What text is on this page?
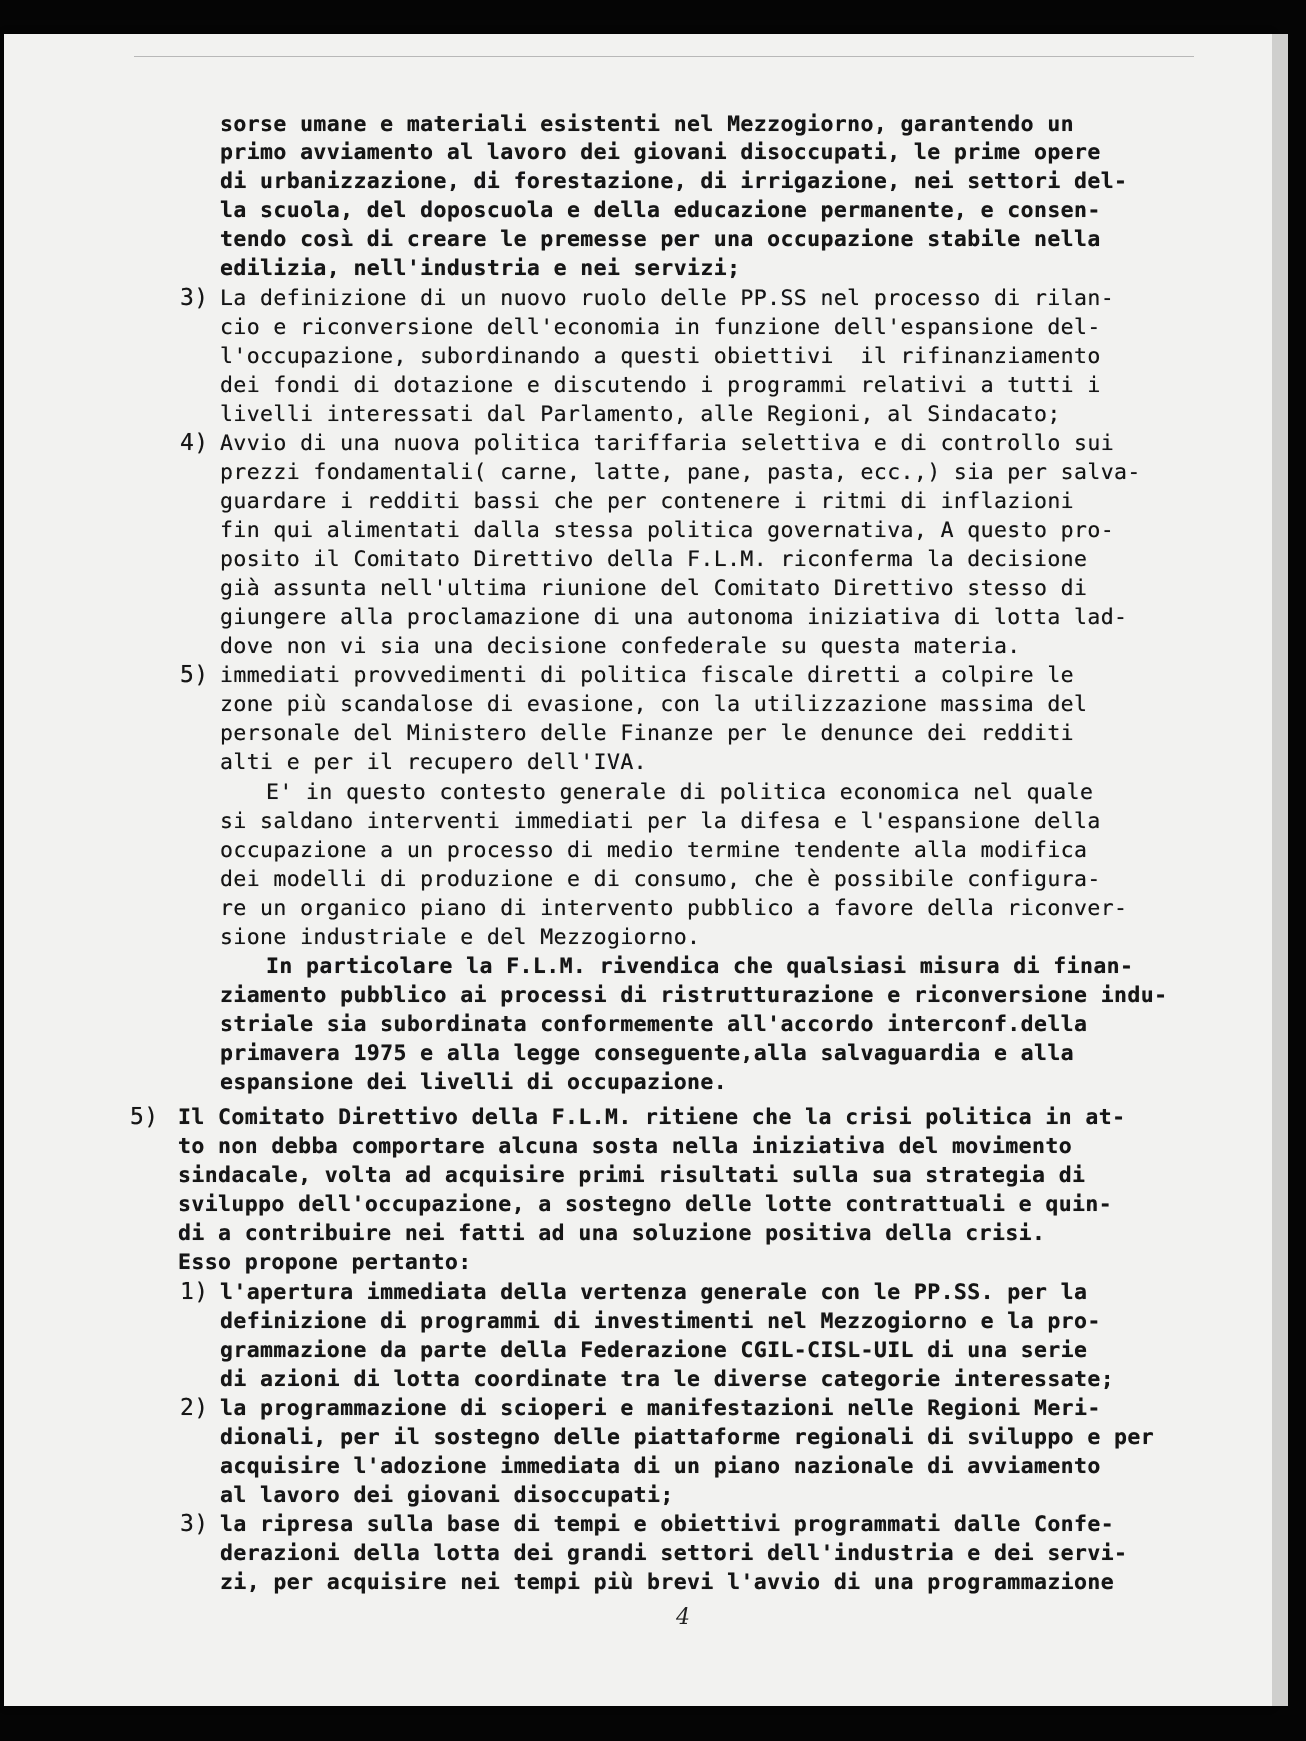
sorse umane e materiali esistenti nel Mezzogiorno, garantendo un
primo avviamento al lavoro dei giovani disoccupati, le prime opere
di urbanizzazione, di forestazione, di irrigazione, nei settori del-
la scuola, del doposcuola e della educazione permanente, e consen-
tendo così di creare le premesse per una occupazione stabile nella
edilizia, nell'industria e nei servizi;
3) La definizione di un nuovo ruolo delle PP.SS nel processo di rilan-
cio e riconversione dell'economia in funzione dell'espansione del-
l'occupazione, subordinando a questi obiettivi  il rifinanziamento
dei fondi di dotazione e discutendo i programmi relativi a tutti i
livelli interessati dal Parlamento, alle Regioni, al Sindacato;
4) Avvio di una nuova politica tariffaria selettiva e di controllo sui
prezzi fondamentali( carne, latte, pane, pasta, ecc.,) sia per salva-
guardare i redditi bassi che per contenere i ritmi di inflazioni
fin qui alimentati dalla stessa politica governativa, A questo pro-
posito il Comitato Direttivo della F.L.M. riconferma la decisione
già assunta nell'ultima riunione del Comitato Direttivo stesso di
giungere alla proclamazione di una autonoma iniziativa di lotta lad-
dove non vi sia una decisione confederale su questa materia.
5) immediati provvedimenti di politica fiscale diretti a colpire le
zone più scandalose di evasione, con la utilizzazione massima del
personale del Ministero delle Finanze per le denunce dei redditi
alti e per il recupero dell'IVA.
E' in questo contesto generale di politica economica nel quale
si saldano interventi immediati per la difesa e l'espansione della
occupazione a un processo di medio termine tendente alla modifica
dei modelli di produzione e di consumo, che è possibile configura-
re un organico piano di intervento pubblico a favore della riconver-
sione industriale e del Mezzogiorno.
In particolare la F.L.M. rivendica che qualsiasi misura di finan-
ziamento pubblico ai processi di ristrutturazione e riconversione indu-
striale sia subordinata conformemente all'accordo interconf.della
primavera 1975 e alla legge conseguente,alla salvaguardia e alla
espansione dei livelli di occupazione.
5) Il Comitato Direttivo della F.L.M. ritiene che la crisi politica in at-
to non debba comportare alcuna sosta nella iniziativa del movimento
sindacale, volta ad acquisire primi risultati sulla sua strategia di
sviluppo dell'occupazione, a sostegno delle lotte contrattuali e quin-
di a contribuire nei fatti ad una soluzione positiva della crisi.
Esso propone pertanto:
1) l'apertura immediata della vertenza generale con le PP.SS. per la
definizione di programmi di investimenti nel Mezzogiorno e la pro-
grammazione da parte della Federazione CGIL-CISL-UIL di una serie
di azioni di lotta coordinate tra le diverse categorie interessate;
2) la programmazione di scioperi e manifestazioni nelle Regioni Meri-
dionali, per il sostegno delle piattaforme regionali di sviluppo e per
acquisire l'adozione immediata di un piano nazionale di avviamento
al lavoro dei giovani disoccupati;
3) la ripresa sulla base di tempi e obiettivi programmati dalle Confe-
derazioni della lotta dei grandi settori dell'industria e dei servi-
zi, per acquisire nei tempi più brevi l'avvio di una programmazione
4
